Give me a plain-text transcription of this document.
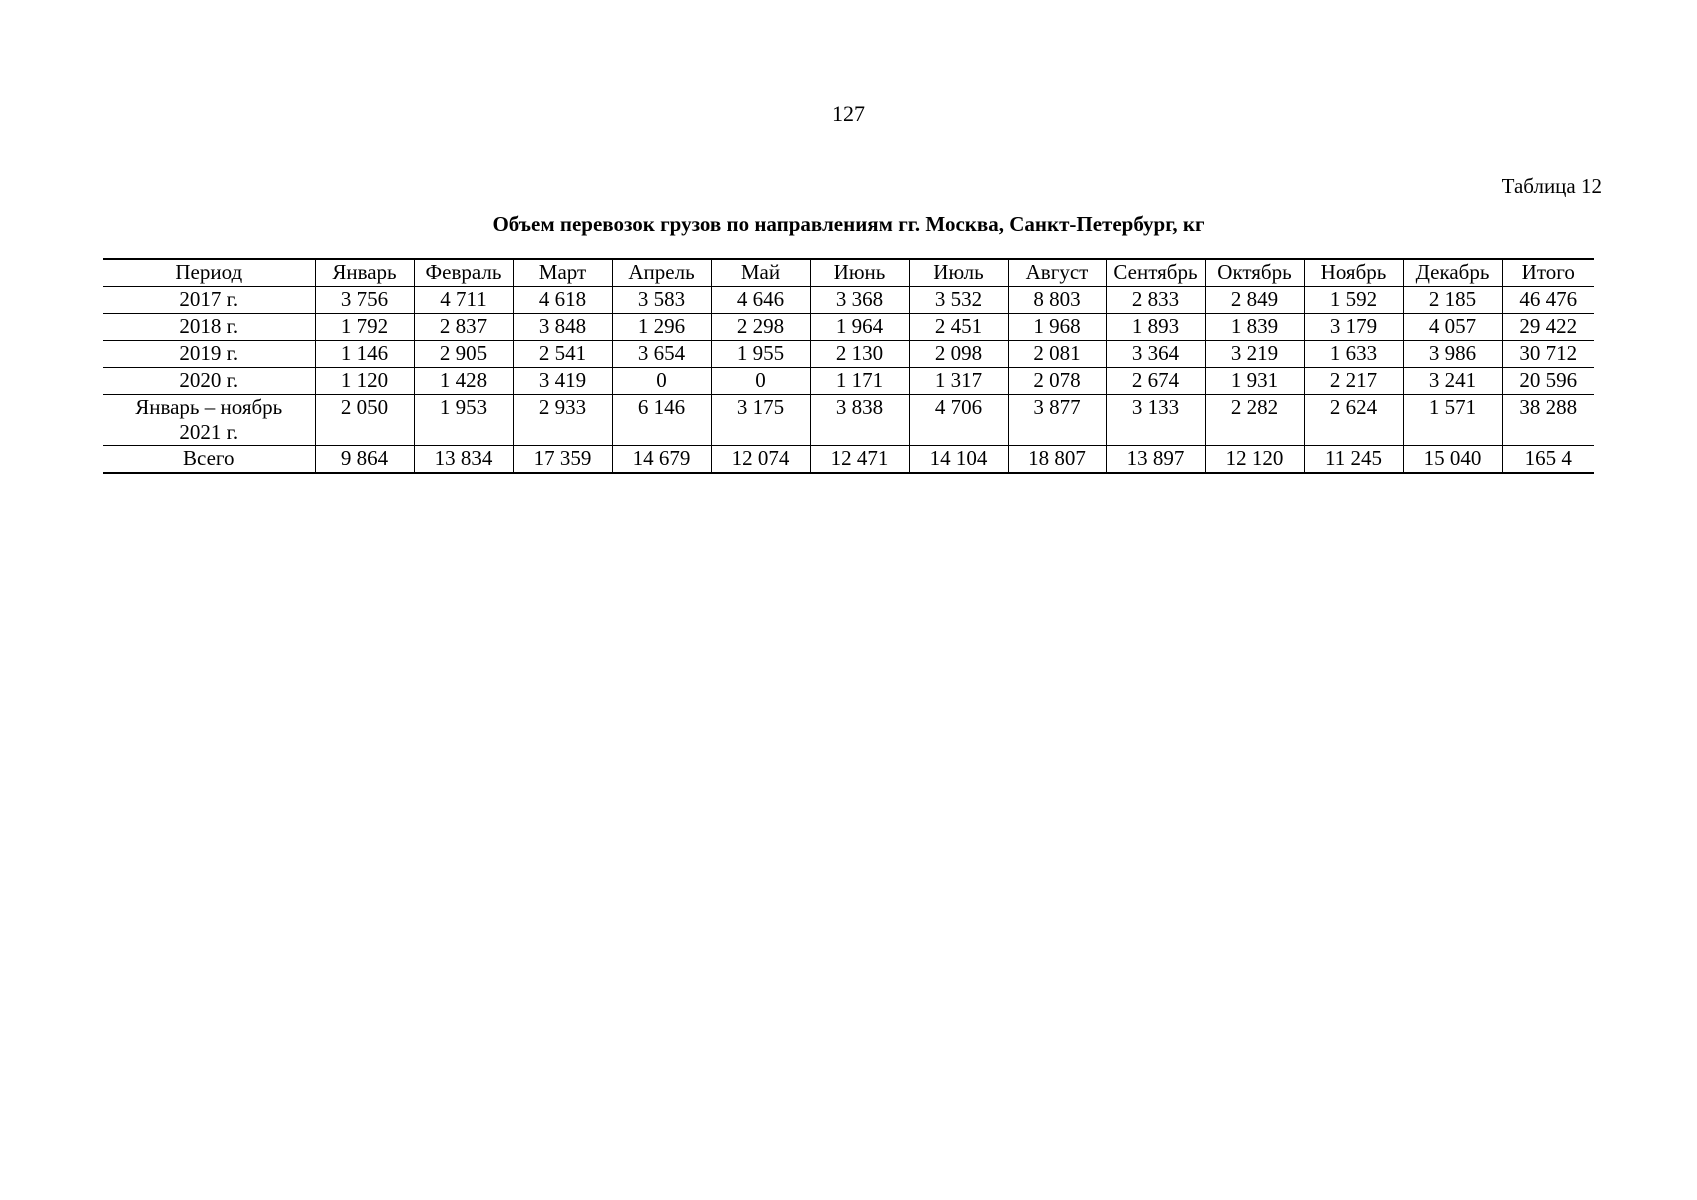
127
Таблица 12
Объем перевозок грузов по направлениям гг. Москва, Санкт-Петербург, кг
Период	Январь	Февраль	Март	Апрель	Май	Июнь	Июль	Август	Сентябрь	Октябрь	Ноябрь	Декабрь	Итого
2017 г.	3 756	4 711	4 618	3 583	4 646	3 368	3 532	8 803	2 833	2 849	1 592	2 185	46 476
2018 г.	1 792	2 837	3 848	1 296	2 298	1 964	2 451	1 968	1 893	1 839	3 179	4 057	29 422
2019 г.	1 146	2 905	2 541	3 654	1 955	2 130	2 098	2 081	3 364	3 219	1 633	3 986	30 712
2020 г.	1 120	1 428	3 419	0	0	1 171	1 317	2 078	2 674	1 931	2 217	3 241	20 596

Январь – ноябрь
2021 г.	2 050	1 953	2 933	6 146	3 175	3 838	4 706	3 877	3 133	2 282	2 624	1 571	38 288
Всего	9 864	13 834	17 359	14 679	12 074	12 471	14 104	18 807	13 897	12 120	11 245	15 040	165 4
